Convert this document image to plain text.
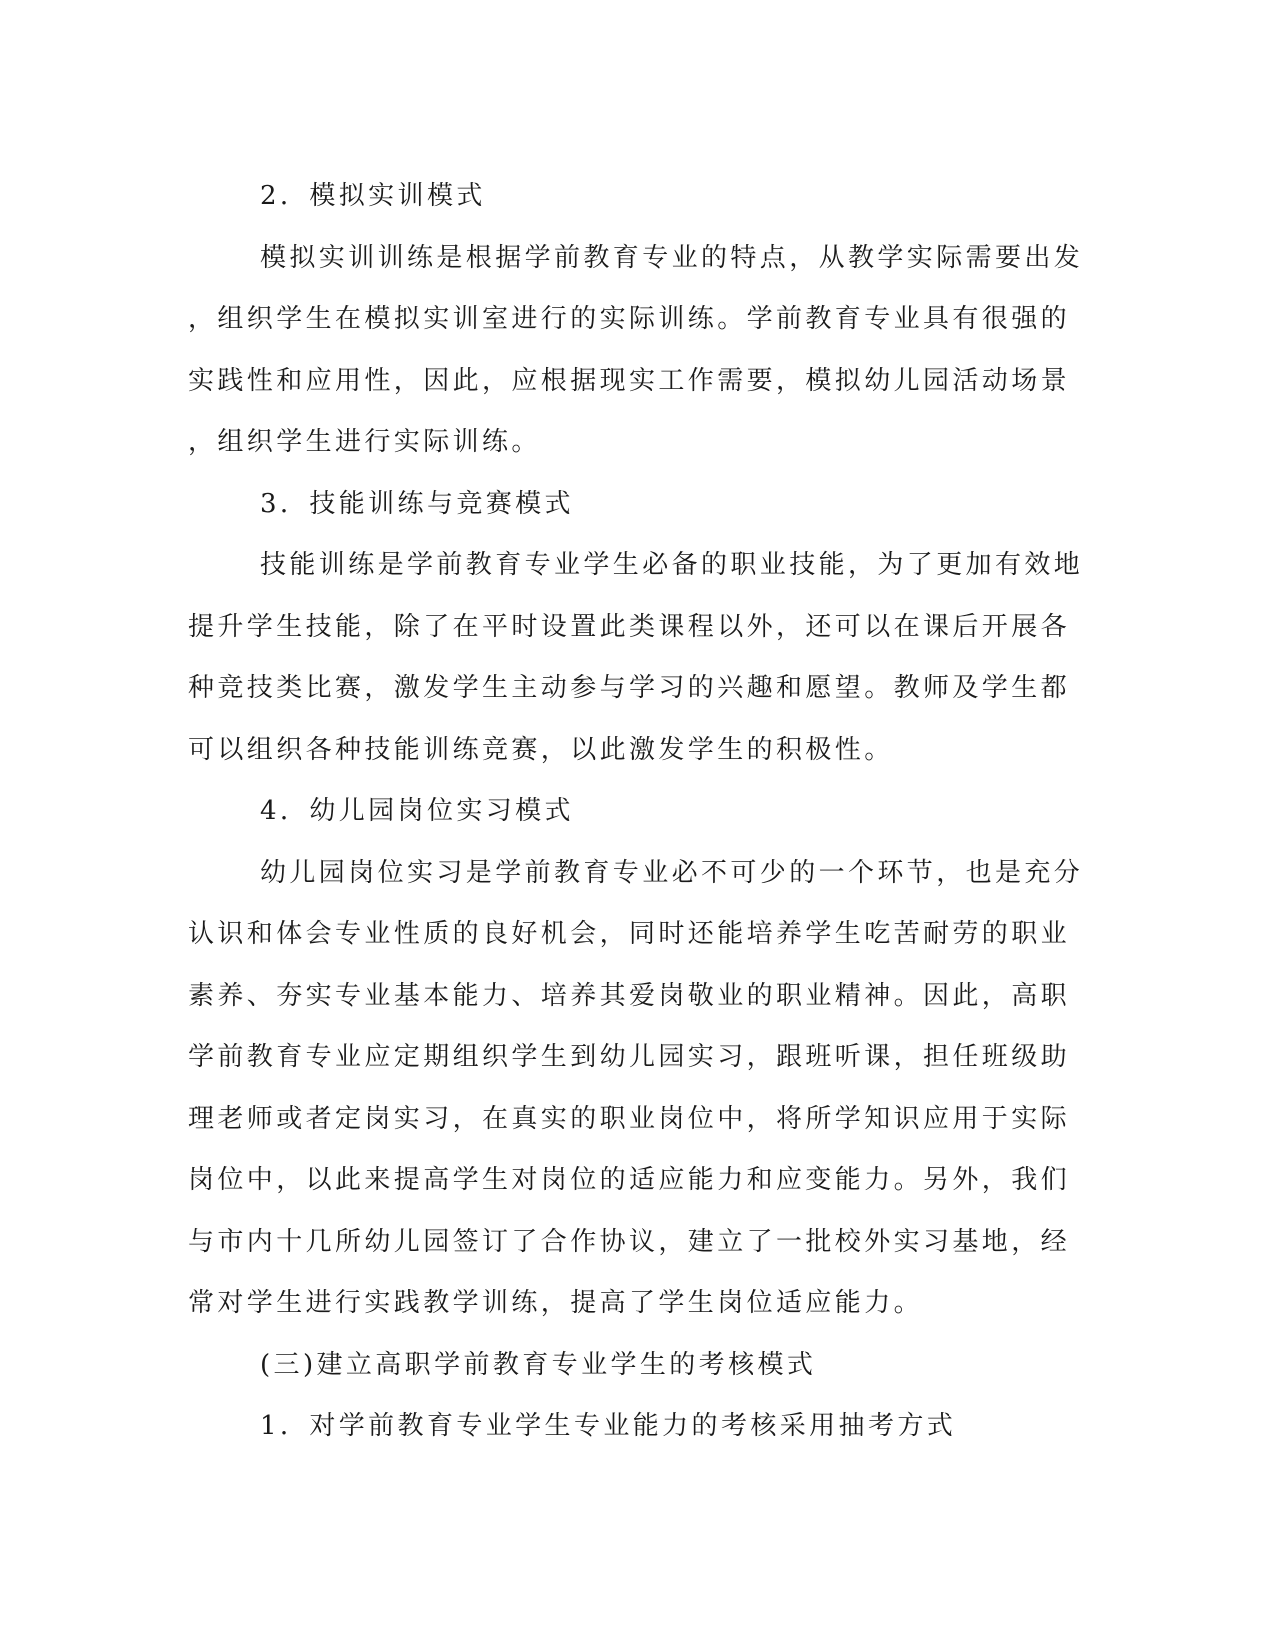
2．模拟实训模式
模拟实训训练是根据学前教育专业的特点，从教学实际需要出发
，组织学生在模拟实训室进行的实际训练。学前教育专业具有很强的
实践性和应用性，因此，应根据现实工作需要，模拟幼儿园活动场景
，组织学生进行实际训练。
3．技能训练与竞赛模式
技能训练是学前教育专业学生必备的职业技能，为了更加有效地
提升学生技能，除了在平时设置此类课程以外，还可以在课后开展各
种竞技类比赛，激发学生主动参与学习的兴趣和愿望。教师及学生都
可以组织各种技能训练竞赛，以此激发学生的积极性。
4．幼儿园岗位实习模式
幼儿园岗位实习是学前教育专业必不可少的一个环节，也是充分
认识和体会专业性质的良好机会，同时还能培养学生吃苦耐劳的职业
素养、夯实专业基本能力、培养其爱岗敬业的职业精神。因此，高职
学前教育专业应定期组织学生到幼儿园实习，跟班听课，担任班级助
理老师或者定岗实习，在真实的职业岗位中，将所学知识应用于实际
岗位中，以此来提高学生对岗位的适应能力和应变能力。另外，我们
与市内十几所幼儿园签订了合作协议，建立了一批校外实习基地，经
常对学生进行实践教学训练，提高了学生岗位适应能力。
(三)建立高职学前教育专业学生的考核模式
1．对学前教育专业学生专业能力的考核采用抽考方式
